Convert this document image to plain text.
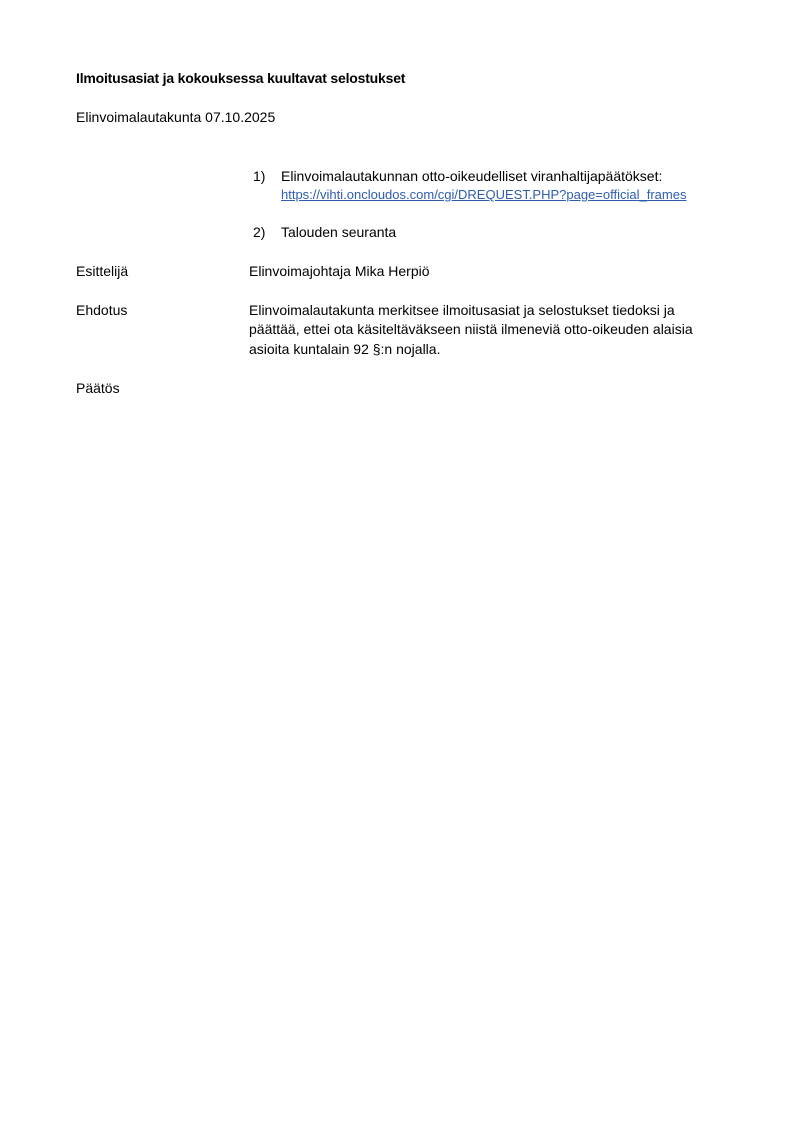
Ilmoitusasiat ja kokouksessa kuultavat selostukset
Elinvoimalautakunta 07.10.2025
1) Elinvoimalautakunnan otto-oikeudelliset viranhaltijapäätökset:
https://vihti.oncloudos.com/cgi/DREQUEST.PHP?page=official_frames
2) Talouden seuranta
Esittelijä	Elinvoimajohtaja Mika Herpiö
Ehdotus	Elinvoimalautakunta merkitsee ilmoitusasiat ja selostukset tiedoksi ja
päättää, ettei ota käsiteltäväkseen niistä ilmeneviä otto-oikeuden alaisia
asioita kuntalain 92 §:n nojalla.
Päätös
